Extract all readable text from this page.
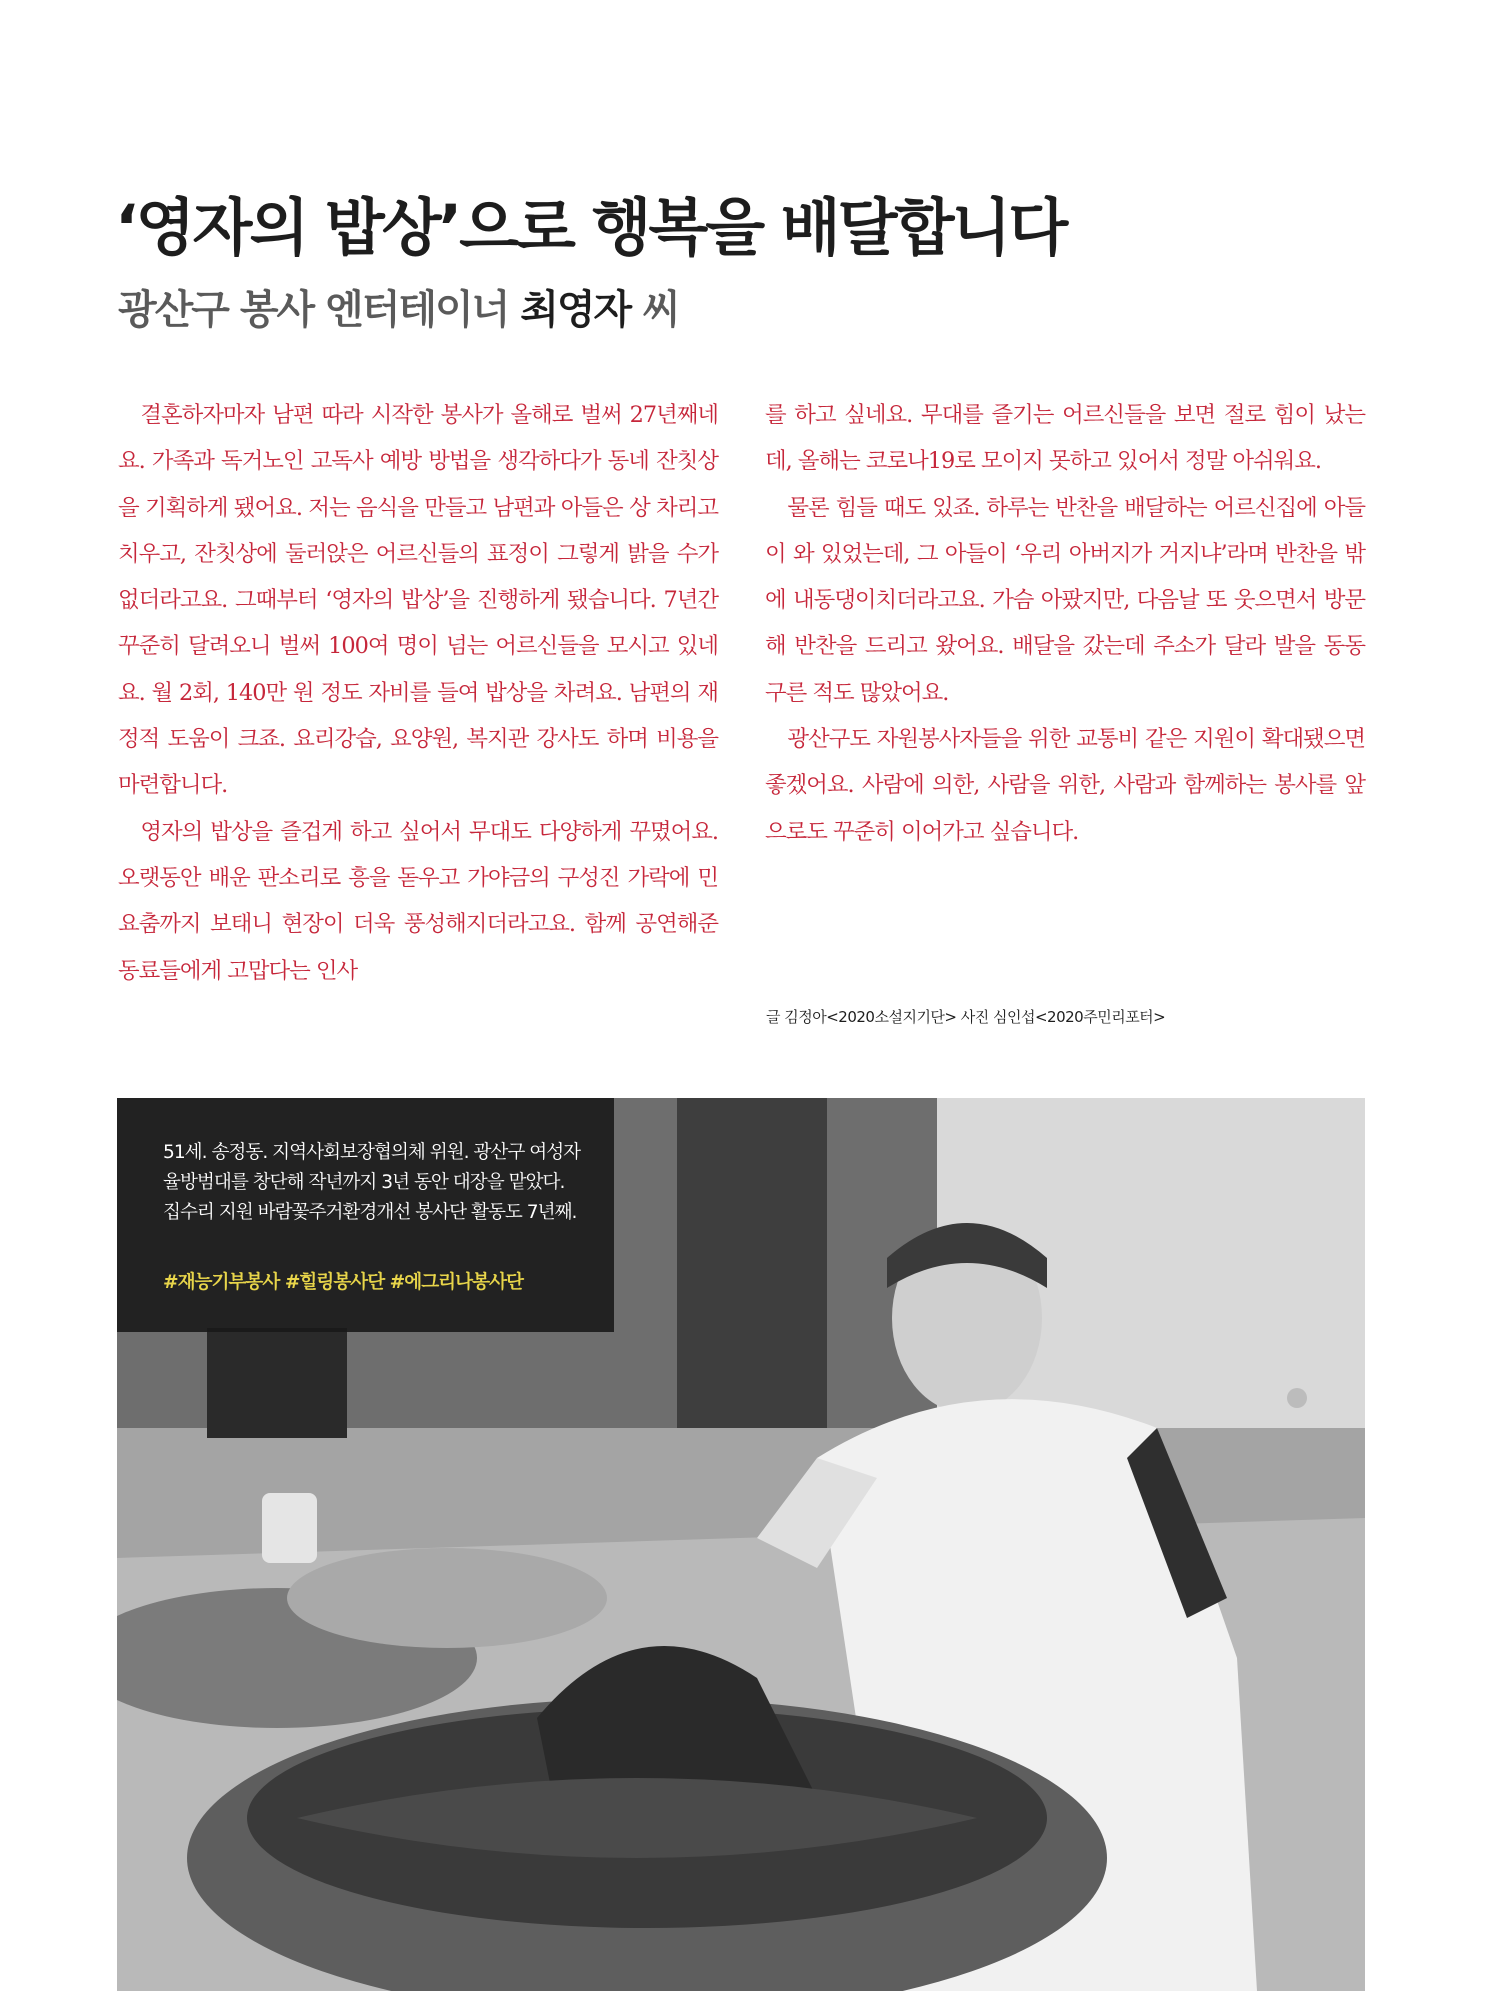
‘영자의 밥상’으로 행복을 배달합니다
광산구 봉사 엔터테이너 최영자 씨

결혼하자마자 남편 따라 시작한 봉사가 올해로 벌써 27년째네요. 가족과 독거노인 고독사 예방 방법을 생각하다가 동네 잔칫상을 기획하게 됐어요. 저는 음식을 만들고 남편과 아들은 상 차리고 치우고, 잔칫상에 둘러앉은 어르신들의 표정이 그렇게 밝을 수가 없더라고요. 그때부터 ‘영자의 밥상’을 진행하게 됐습니다. 7년간 꾸준히 달려오니 벌써 100여 명이 넘는 어르신들을 모시고 있네요. 월 2회, 140만 원 정도 자비를 들여 밥상을 차려요. 남편의 재정적 도움이 크죠. 요리강습, 요양원, 복지관 강사도 하며 비용을 마련합니다.

영자의 밥상을 즐겁게 하고 싶어서 무대도 다양하게 꾸몄어요. 오랫동안 배운 판소리로 흥을 돋우고 가야금의 구성진 가락에 민요춤까지 보태니 현장이 더욱 풍성해지더라고요. 함께 공연해준 동료들에게 고맙다는 인사

를 하고 싶네요. 무대를 즐기는 어르신들을 보면 절로 힘이 났는데, 올해는 코로나19로 모이지 못하고 있어서 정말 아쉬워요.

물론 힘들 때도 있죠. 하루는 반찬을 배달하는 어르신집에 아들이 와 있었는데, 그 아들이 ‘우리 아버지가 거지냐’라며 반찬을 밖에 내동댕이치더라고요. 가슴 아팠지만, 다음날 또 웃으면서 방문해 반찬을 드리고 왔어요. 배달을 갔는데 주소가 달라 발을 동동 구른 적도 많았어요.

광산구도 자원봉사자들을 위한 교통비 같은 지원이 확대됐으면 좋겠어요. 사람에 의한, 사람을 위한, 사람과 함께하는 봉사를 앞으로도 꾸준히 이어가고 싶습니다.

글 김정아<2020소설지기단> 사진 심인섭<2020주민리포터>
51세. 송정동. 지역사회보장협의체 위원. 광산구 여성자율방범대를 창단해 작년까지 3년 동안 대장을 맡았다. 집수리 지원 바람꽃주거환경개선 봉사단 활동도 7년째.
#재능기부봉사 #힐링봉사단 #에그리나봉사단
